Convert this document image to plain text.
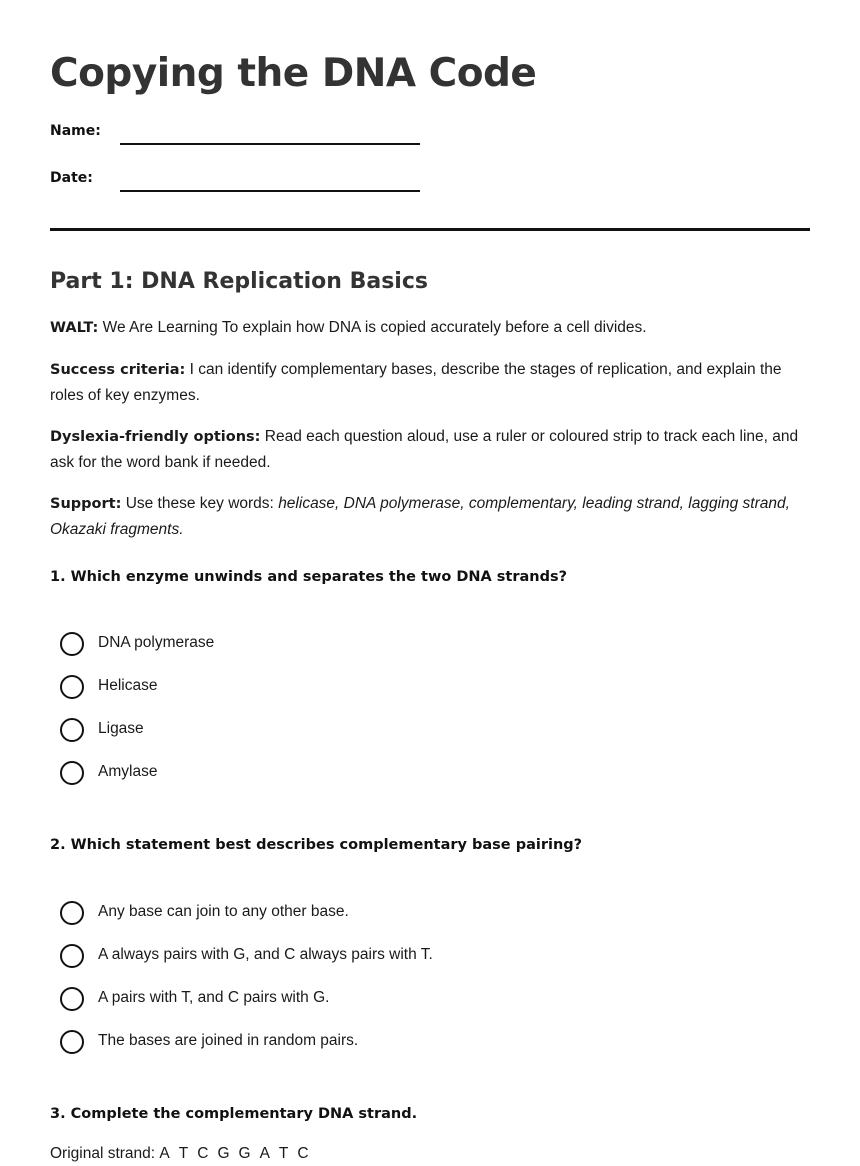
Copying the DNA Code
Name:
Date:
Part 1: DNA Replication Basics

WALT: We Are Learning To explain how DNA is copied accurately before a cell divides.

Success criteria: I can identify complementary bases, describe the stages of replication, and explain the roles of key enzymes.

Dyslexia-friendly options: Read each question aloud, use a ruler or coloured strip to track each line, and ask for the word bank if needed.

Support: Use these key words: helicase, DNA polymerase, complementary, leading strand, lagging strand, Okazaki fragments.

1. Which enzyme unwinds and separates the two DNA strands?

DNA polymerase
Helicase
Ligase
Amylase

2. Which statement best describes complementary base pairing?

Any base can join to any other base.
A always pairs with G, and C always pairs with T.
A pairs with T, and C pairs with G.
The bases are joined in random pairs.

3. Complete the complementary DNA strand.

Original strand: A T C G G A T C
